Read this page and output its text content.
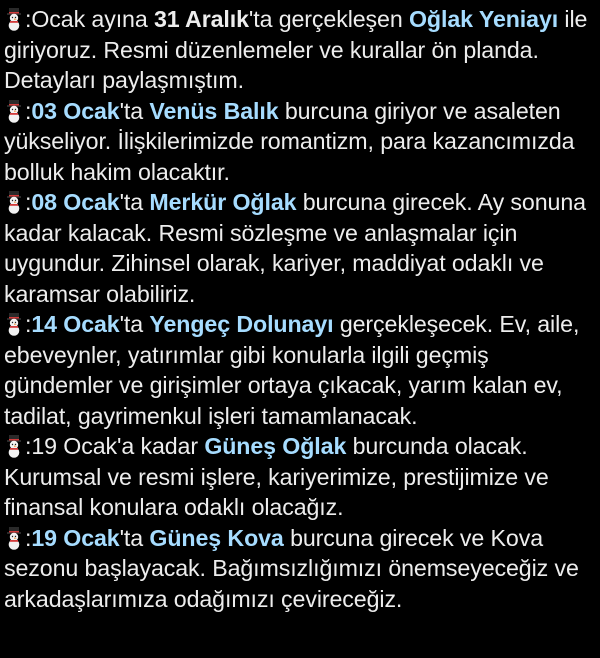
:Ocak ayına 31 Aralık'ta gerçekleşen Oğlak Yeniayı ile giriyoruz. Resmi düzenlemeler ve kurallar ön planda. Detayları paylaşmıştım.
:03 Ocak'ta Venüs Balık burcuna giriyor ve asaleten yükseliyor. İlişkilerimizde romantizm, para kazancımızda bolluk hakim olacaktır.
:08 Ocak'ta Merkür Oğlak burcuna girecek. Ay sonuna kadar kalacak. Resmi sözleşme ve anlaşmalar için uygundur. Zihinsel olarak, kariyer, maddiyat odaklı ve karamsar olabiliriz.
:14 Ocak'ta Yengeç Dolunayı gerçekleşecek. Ev, aile, ebeveynler, yatırımlar gibi konularla ilgili geçmiş gündemler ve girişimler ortaya çıkacak, yarım kalan ev, tadilat, gayrimenkul işleri tamamlanacak.
:19 Ocak'a kadar Güneş Oğlak burcunda olacak. Kurumsal ve resmi işlere, kariyerimize, prestijimize ve finansal konulara odaklı olacağız.
:19 Ocak'ta Güneş Kova burcuna girecek ve Kova sezonu başlayacak. Bağımsızlığımızı önemseyeceğiz ve arkadaşlarımıza odağımızı çevireceğiz.
